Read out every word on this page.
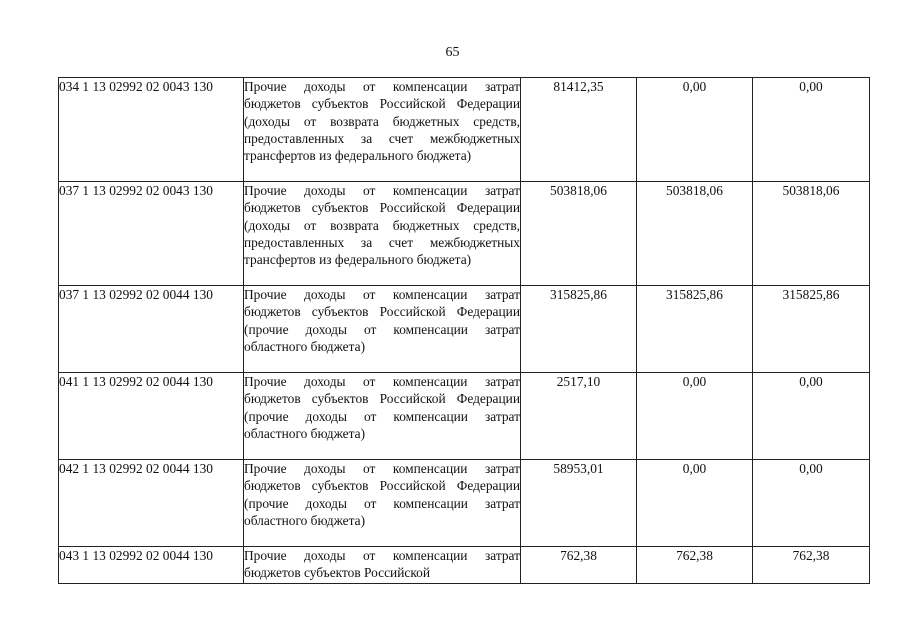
65
034 1 13 02992 02 0043 130	Прочие доходы от компенсации затрат бюджетов субъектов Российской Федерации (доходы от возврата бюджетных средств, предоставленных за счет межбюджетных трансфертов из федерального бюджета)	81412,35	0,00	0,00
037 1 13 02992 02 0043 130	Прочие доходы от компенсации затрат бюджетов субъектов Российской Федерации (доходы от возврата бюджетных средств, предоставленных за счет межбюджетных трансфертов из федерального бюджета)	503818,06	503818,06	503818,06
037 1 13 02992 02 0044 130	Прочие доходы от компенсации затрат бюджетов субъектов Российской Федерации (прочие доходы от компенсации затрат областного бюджета)	315825,86	315825,86	315825,86
041 1 13 02992 02 0044 130	Прочие доходы от компенсации затрат бюджетов субъектов Российской Федерации (прочие доходы от компенсации затрат областного бюджета)	2517,10	0,00	0,00
042 1 13 02992 02 0044 130	Прочие доходы от компенсации затрат бюджетов субъектов Российской Федерации (прочие доходы от компенсации затрат областного бюджета)	58953,01	0,00	0,00
043 1 13 02992 02 0044 130	Прочие доходы от компенсации затрат бюджетов субъектов Российской	762,38	762,38	762,38
